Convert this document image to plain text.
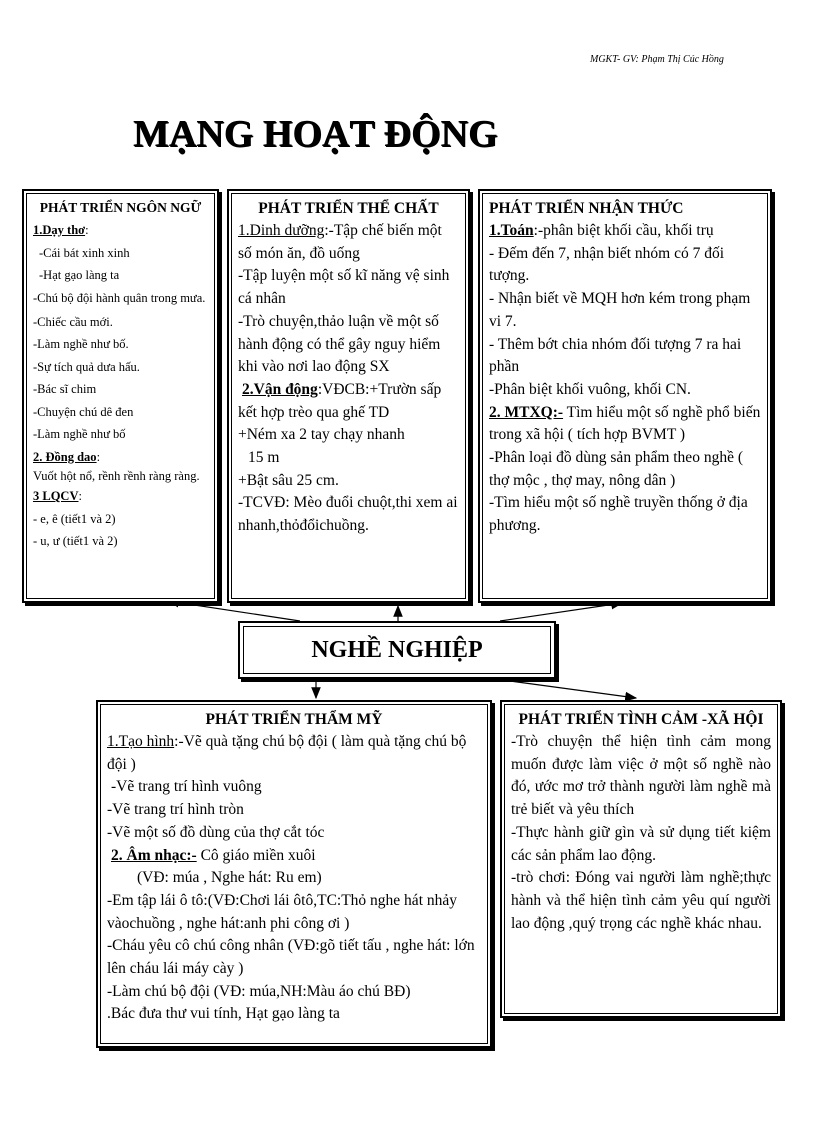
MGKT- GV: Phạm Thị Cúc Hồng
MẠNG HOẠT ĐỘNG
PHÁT TRIỂN NGÔN NGỮ
1.Dạy thơ:
-Cái bát xinh xinh
-Hạt gạo làng ta
-Chú bộ đội hành quân trong mưa.
-Chiếc cầu mới.
-Làm nghề như bố.
-Sự tích quả dưa hấu.
-Bác sĩ chim
-Chuyện chú dê đen
-Làm nghề như bố
2. Đồng dao:
Vuốt hột nổ, rềnh rềnh ràng ràng.
3 LQCV:
- e, ê (tiết1 và 2)
- u, ư (tiết1 và 2)
PHÁT TRIỂN THỂ CHẤT
1.Dinh dưỡng:-Tập chế biến một số món ăn, đồ uống
-Tập luyện một số kĩ năng vệ sinh cá nhân
-Trò chuyện,thảo luận về một số hành động có thể gây nguy hiểm khi vào nơi lao động SX
2.Vận động:VĐCB:+Trườn sấp kết hợp trèo qua ghế TD
+Ném xa 2 tay chạy nhanh
15 m
+Bật sâu 25 cm.
-TCVĐ: Mèo đuổi chuột,thi xem ai nhanh,thỏđổichuồng.
PHÁT TRIỂN NHẬN THỨC
1.Toán:-phân biệt khối cầu, khối trụ
- Đếm đến 7, nhận biết nhóm có 7 đối tượng.
- Nhận biết về MQH hơn kém trong phạm vi 7.
- Thêm bớt chia nhóm đối tượng 7 ra hai phần
-Phân biệt khối vuông, khối CN.
2. MTXQ:- Tìm hiểu một số nghề phổ biến trong xã hội ( tích hợp BVMT )
-Phân loại đồ dùng sản phẩm theo nghề ( thợ mộc , thợ may, nông dân )
-Tìm hiểu một số nghề truyền thống ở địa phương.
NGHỀ NGHIỆP
PHÁT TRIỂN THẨM MỸ
1.Tạo hình:-Vẽ quà tặng chú bộ đội ( làm quà tặng chú bộ đội )
-Vẽ trang trí hình vuông
-Vẽ trang trí hình tròn
-Vẽ một số đồ dùng của thợ cắt tóc
2. Âm nhạc:- Cô giáo miền xuôi
(VĐ: múa , Nghe hát: Ru em)
-Em tập lái ô tô:(VĐ:Chơi lái ôtô,TC:Thỏ nghe hát nhảy vàochuồng , nghe hát:anh phi công ơi )
-Cháu yêu cô chú công nhân (VĐ:gõ tiết tấu , nghe hát: lớn lên cháu lái máy cày )
-Làm chú bộ đội (VĐ: múa,NH:Màu áo chú BĐ)
.Bác đưa thư vui tính, Hạt gạo làng ta
PHÁT TRIỂN TÌNH CẢM -XÃ HỘI
-Trò chuyện thể hiện tình cảm mong muốn được làm việc ở một số nghề nào đó, ước mơ trở thành người làm nghề mà trẻ biết và yêu thích
-Thực hành giữ gìn và sử dụng tiết kiệm các sản phẩm lao động.
-trò chơi: Đóng vai người làm nghề;thực hành và thể hiện tình cảm yêu quí người lao động ,quý trọng các nghề khác nhau.
